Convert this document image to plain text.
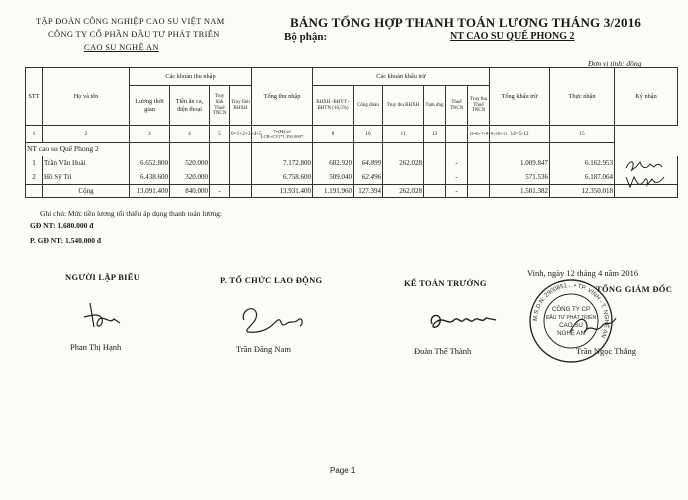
TẬP ĐOÀN CÔNG NGHIỆP CAO SU VIỆT NAM
CÔNG TY CỔ PHẦN ĐẦU TƯ PHÁT TRIỂN
CAO SU NGHỆ AN
BẢNG TỔNG HỢP THANH TOÁN LƯƠNG THÁNG 3/2016
Bộ phận:	NT CAO SU QUẾ PHONG 2
Đơn vị tính: đồng
STT	Họ và tên	Các khoản thu nhập				Tổng thu nhập	Các khoản khấu trừ						Tổng khấu trừ	Thực nhận	Ký nhận
		Lương thời gian	Tiền ăn ca, điện thoại	Truy lĩnh Thuế TNCN	Truy lĩnh BHXH		BHXH -BHYT -BHTN (10,5%)	Công đoàn	Truy thu BHXH	Tạm ứng	Thuế TNCN	Truy thu Thuế TNCN			
1	2	3	4	5	6=1+2+3+4+5	7=(Hệ số LCB+CV)*1.350.000*	8	10	11	12		13=6+7+8+9+10+11	14=5-12	15	
NT cao su Quế Phong 2															
1	Trần Văn Hoài	6.652.800	520.000			7.172.800	682.920	64.899	262.028		-		1.009.847	6.162.953	
2	Hồ Sỹ Trì	6.438.600	320.000			6.758.600	509.040	62.496			-		571.536	6.187.064	
	Cộng	13.091.400	840.000	-		13.931.400	1.191.960	127.394	262.028		-		1.581.382	12.350.018	
Ghi chú: Mức tiền lương tối thiểu áp dụng thanh toán lương:
GĐ NT: 1.680.000 đ
P. GĐ NT: 1.540.000 đ
Vinh, ngày 12 tháng 4 năm 2016
NGƯỜI LẬP BIỂU	P. TỔ CHỨC LAO ĐỘNG	KẾ TOÁN TRƯỞNG
TỔNG GIÁM ĐỐC
M.S.D.N: 2900851... • TP. VINH - T. NGHỆ AN
CÔNG TY CP
ĐẦU TƯ PHÁT TRIỂN
CAO SU
NGHỆ AN
Phan Thị Hạnh	Trần Đăng Nam	Đoàn Thế Thành	Trần Ngọc Thắng
Page 1
